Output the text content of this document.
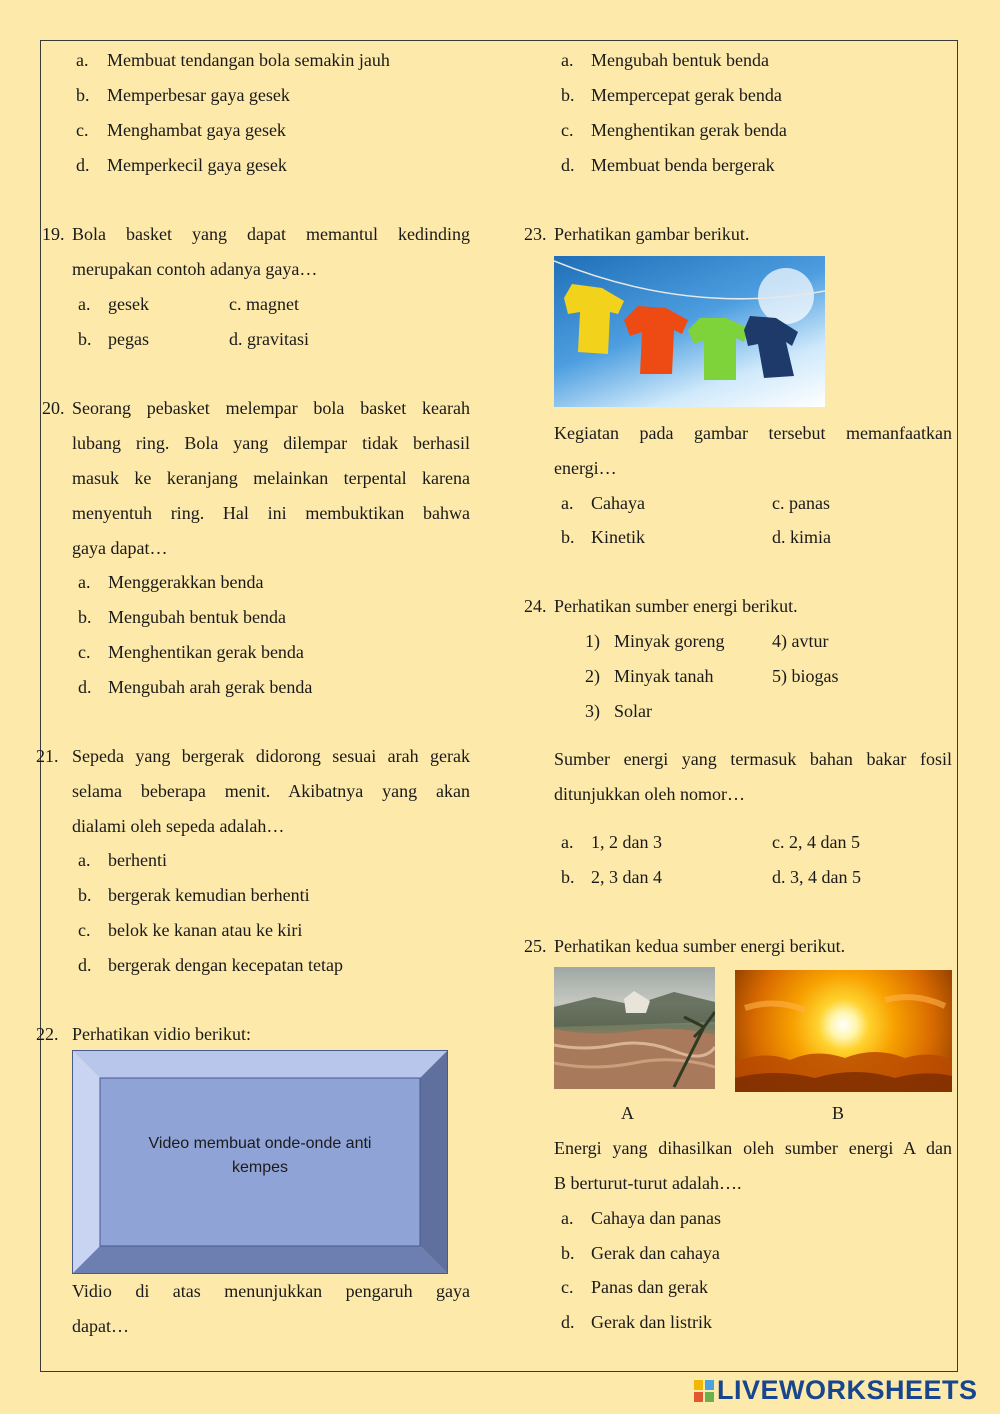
a. Membuat tendangan bola semakin jauh
b. Memperbesar gaya gesek
c. Menghambat gaya gesek
d. Memperkecil gaya gesek
19. Bola basket yang dapat memantul kedinding
merupakan contoh adanya gaya…
a. gesek	c. magnet
b. pegas	d. gravitasi
20. Seorang pebasket melempar bola basket kearah
lubang ring. Bola yang dilempar tidak berhasil
masuk ke keranjang melainkan terpental karena
menyentuh ring. Hal ini membuktikan bahwa
gaya dapat…
a. Menggerakkan benda
b. Mengubah bentuk benda
c. Menghentikan gerak benda
d. Mengubah arah gerak benda
21. Sepeda yang bergerak didorong sesuai arah gerak
selama beberapa menit. Akibatnya yang akan
dialami oleh sepeda adalah…
a. berhenti
b. bergerak kemudian berhenti
c. belok ke kanan atau ke kiri
d. bergerak dengan kecepatan tetap
22. Perhatikan vidio berikut:
Video membuat onde-onde anti
kempes
Vidio di atas menunjukkan pengaruh gaya
dapat…
a. Mengubah bentuk benda
b. Mempercepat gerak benda
c. Menghentikan gerak benda
d. Membuat benda bergerak
23. Perhatikan gambar berikut.
Kegiatan pada gambar tersebut memanfaatkan
energi…
a. Cahaya	c. panas
b. Kinetik	d. kimia
24. Perhatikan sumber energi berikut.
1) Minyak goreng	4) avtur
2) Minyak tanah	5) biogas
3) Solar
Sumber energi yang termasuk bahan bakar fosil
ditunjukkan oleh nomor…
a. 1, 2 dan 3	c. 2, 4 dan 5
b. 2, 3 dan 4	d. 3, 4 dan 5
25. Perhatikan kedua sumber energi berikut.
A	B
Energi yang dihasilkan oleh sumber energi A dan
B berturut-turut adalah….
a. Cahaya dan panas
b. Gerak dan cahaya
c. Panas dan gerak
d. Gerak dan listrik
LIVEWORKSHEETS
